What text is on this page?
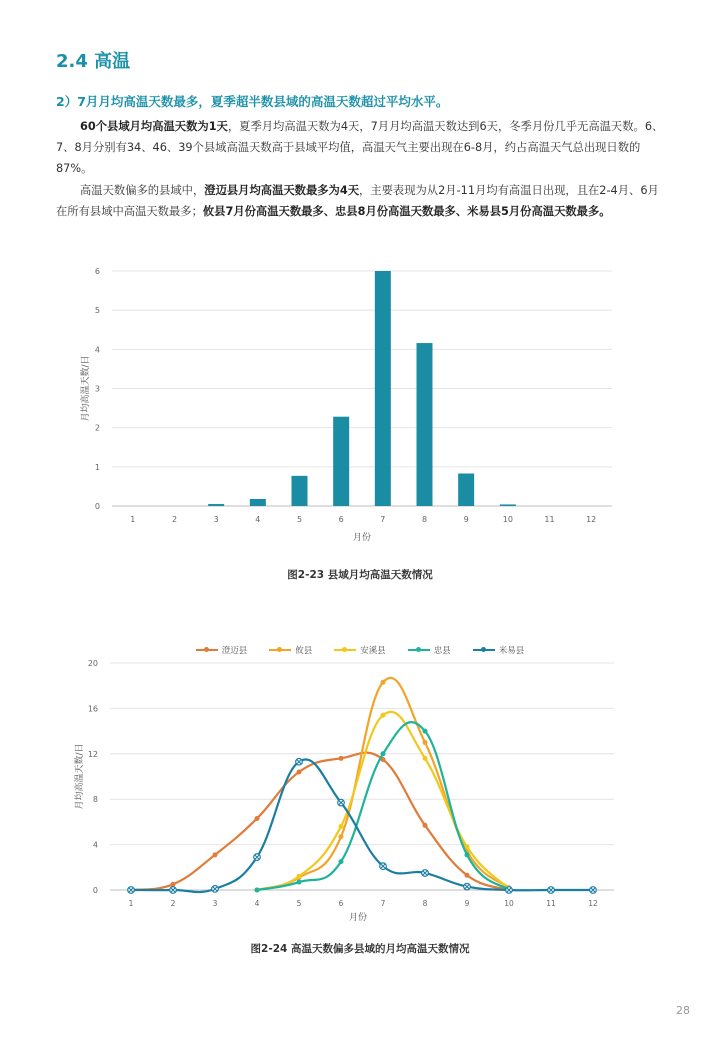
2.4 高温

2）7月月均高温天数最多，夏季超半数县域的高温天数超过平均水平。

60个县域月均高温天数为1天，夏季月均高温天数为4天，7月月均高温天数达到6天，冬季月份几乎无高温天数。6、7、8月分别有34、46、39个县域高温天数高于县域平均值，高温天气主要出现在6-8月，约占高温天气总出现日数的87%。

高温天数偏多的县域中，澄迈县月均高温天数最多为4天，主要表现为从2月-11月均有高温日出现，且在2-4月、6月在所有县域中高温天数最多；攸县7月份高温天数最多、忠县8月份高温天数最多、米易县5月份高温天数最多。

0
1
2
3
4
5
6
1	2	3	4	5	6	7	8	9	10	11	12
月份
月均高温天数/日

图2-23 县域月均高温天数情况

澄迈县	攸县	安溪县	忠县	米易县
0
4
8
12
16
20
1	2	3	4	5	6	7	8	9	10	11	12
月份
月均高温天数/日

图2-24 高温天数偏多县域的月均高温天数情况

28
